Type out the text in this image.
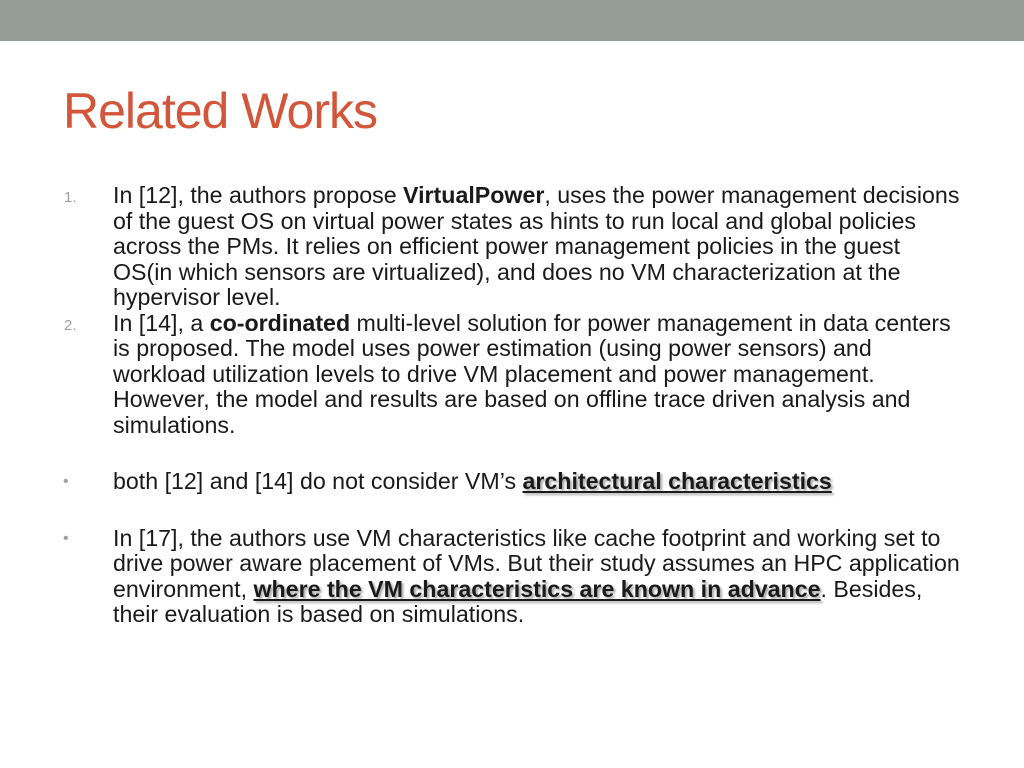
Related Works
1. In [12], the authors propose VirtualPower, uses the power management decisions of the guest OS on virtual power states as hints to run local and global policies across the PMs. It relies on efficient power management policies in the guest OS(in which sensors are virtualized), and does no VM characterization at the hypervisor level.
2. In [14], a co-ordinated multi-level solution for power management in data centers is proposed. The model uses power estimation (using power sensors) and workload utilization levels to drive VM placement and power management. However, the model and results are based on offline trace driven analysis and simulations.
• both [12] and [14] do not consider VM’s architectural characteristics
• In [17], the authors use VM characteristics like cache footprint and working set to drive power aware placement of VMs. But their study assumes an HPC application environment, where the VM characteristics are known in advance. Besides, their evaluation is based on simulations.
